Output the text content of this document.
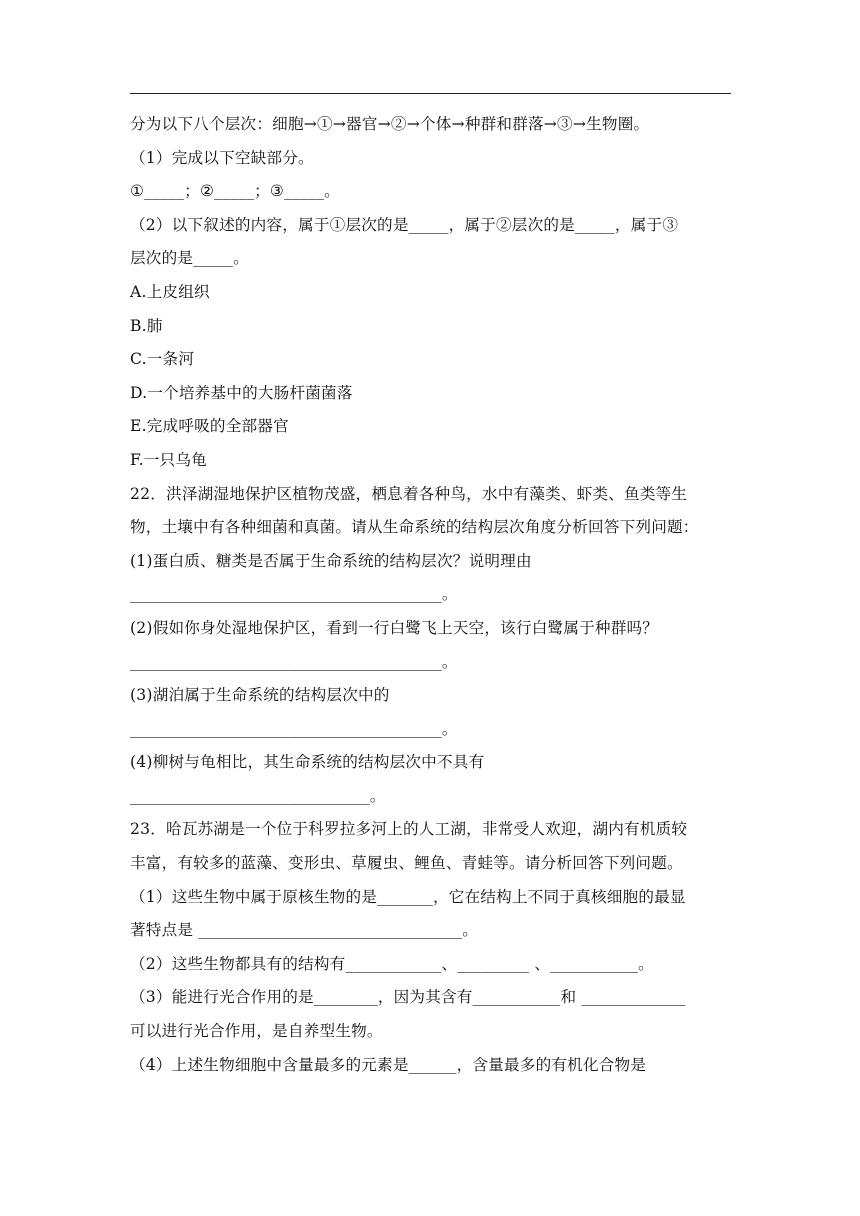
分为以下八个层次：细胞→①→器官→②→个体→种群和群落→③→生物圈。
（1）完成以下空缺部分。
①_____；②_____；③_____。
（2）以下叙述的内容，属于①层次的是_____，属于②层次的是_____，属于③
层次的是_____。
A.上皮组织
B.肺
C.一条河
D.一个培养基中的大肠杆菌菌落
E.完成呼吸的全部器官
F.一只乌龟
22．洪泽湖湿地保护区植物茂盛，栖息着各种鸟，水中有藻类、虾类、鱼类等生
物，土壤中有各种细菌和真菌。请从生命系统的结构层次角度分析回答下列问题：
(1)蛋白质、糖类是否属于生命系统的结构层次？说明理由
_______________________________________。
(2)假如你身处湿地保护区，看到一行白鹭飞上天空，该行白鹭属于种群吗？
_______________________________________。
(3)湖泊属于生命系统的结构层次中的
_______________________________________。
(4)柳树与龟相比，其生命系统的结构层次中不具有
______________________________。
23．哈瓦苏湖是一个位于科罗拉多河上的人工湖，非常受人欢迎，湖内有机质较
丰富，有较多的蓝藻、变形虫、草履虫、鲤鱼、青蛙等。请分析回答下列问题。
（1）这些生物中属于原核生物的是_______，它在结构上不同于真核细胞的最显
著特点是 _________________________________。
（2）这些生物都具有的结构有____________、_________ 、___________。
（3）能进行光合作用的是________，因为其含有___________和 _____________
可以进行光合作用，是自养型生物。
（4）上述生物细胞中含量最多的元素是______，含量最多的有机化合物是
